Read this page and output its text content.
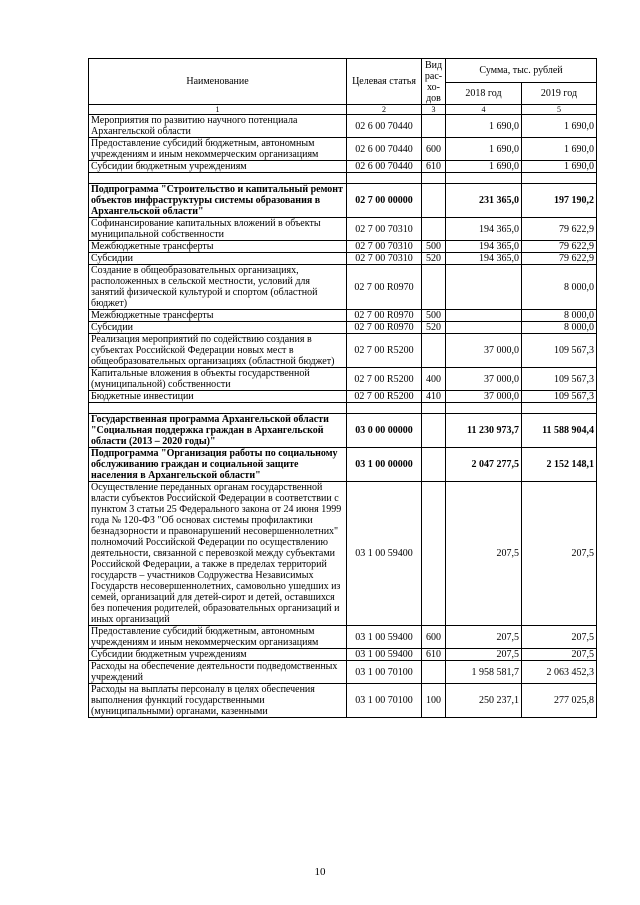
Наименование	Целевая статья	Вид рас- хо- дов	Сумма, тыс. рублей	
			2018 год	2019 год
1	2	3	4	5
Мероприятия по развитию научного потенциала Архангельской области	02 6 00 70440		1 690,0	1 690,0
Предоставление субсидий бюджетным, автономным учреждениям и иным некоммерческим организациям	02 6 00 70440	600	1 690,0	1 690,0
Субсидии бюджетным учреждениям	02 6 00 70440	610	1 690,0	1 690,0

Подпрограмма "Строительство и капитальный ремонт объектов инфраструктуры системы образования в Архангельской области"	02 7 00 00000		231 365,0	197 190,2
Софинансирование капитальных вложений в объекты муниципальной собственности	02 7 00 70310		194 365,0	79 622,9
Межбюджетные трансферты	02 7 00 70310	500	194 365,0	79 622,9
Субсидии	02 7 00 70310	520	194 365,0	79 622,9
Создание в общеобразовательных организациях, расположенных в сельской местности, условий для занятий физической культурой и спортом (областной бюджет)	02 7 00 R0970			8 000,0
Межбюджетные трансферты	02 7 00 R0970	500		8 000,0
Субсидии	02 7 00 R0970	520		8 000,0
Реализация мероприятий по содействию создания в субъектах Российской Федерации новых мест в общеобразовательных организациях (областной бюджет)	02 7 00 R5200		37 000,0	109 567,3
Капитальные вложения в объекты государственной (муниципальной) собственности	02 7 00 R5200	400	37 000,0	109 567,3
Бюджетные инвестиции	02 7 00 R5200	410	37 000,0	109 567,3

Государственная программа Архангельской области "Социальная поддержка граждан в Архангельской области (2013 – 2020 годы)"	03 0 00 00000		11 230 973,7	11 588 904,4
Подпрограмма "Организация работы по социальному обслуживанию граждан и социальной защите населения в Архангельской области"	03 1 00 00000		2 047 277,5	2 152 148,1
Осуществление переданных органам государственной власти субъектов Российской Федерации в соответствии с пунктом 3 статьи 25 Федерального закона от 24 июня 1999 года № 120-ФЗ "Об основах системы профилактики безнадзорности и правонарушений несовершеннолетних" полномочий Российской Федерации по осуществлению деятельности, связанной с перевозкой между субъектами Российской Федерации, а также в пределах территорий государств – участников Содружества Независимых Государств несовершеннолетних, самовольно ушедших из семей, организаций для детей-сирот и детей, оставшихся без попечения родителей, образовательных организаций и иных организаций	03 1 00 59400		207,5	207,5
Предоставление субсидий бюджетным, автономным учреждениям и иным некоммерческим организациям	03 1 00 59400	600	207,5	207,5
Субсидии бюджетным учреждениям	03 1 00 59400	610	207,5	207,5
Расходы на обеспечение деятельности подведомственных учреждений	03 1 00 70100		1 958 581,7	2 063 452,3
Расходы на выплаты персоналу в целях обеспечения выполнения функций государственными (муниципальными) органами, казенными	03 1 00 70100	100	250 237,1	277 025,8
10
